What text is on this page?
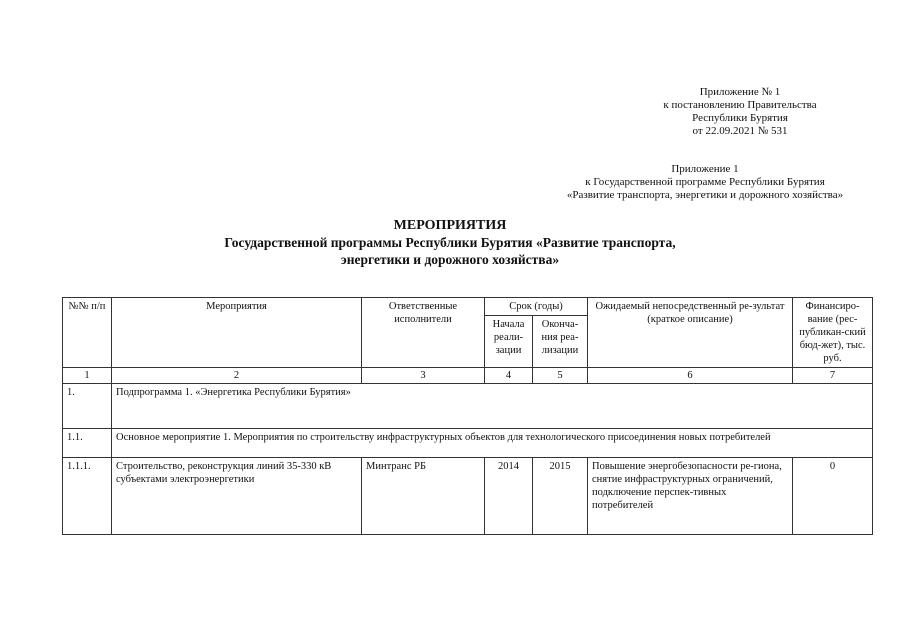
Приложение № 1
к постановлению Правительства
Республики Бурятия
от 22.09.2021 № 531
Приложение 1
к Государственной программе Республики Бурятия
«Развитие транспорта, энергетики и дорожного хозяйства»
МЕРОПРИЯТИЯ
Государственной программы Республики Бурятия «Развитие транспорта,
энергетики и дорожного хозяйства»
№№ п/п	Мероприятия	Ответственные исполнители	Срок (годы)		Ожидаемый непосредственный ре-зультат (краткое описание)	Финансиро-вание (рес-публикан-ский бюд-жет), тыс. руб.
			Начала реали-зации	Оконча-ния реа-лизации		
1	2	3	4	5	6	7
1.	Подпрограмма 1. «Энергетика Республики Бурятия»					
1.1.	Основное мероприятие 1. Мероприятия по строительству инфраструктурных объектов для технологического присоединения новых потребителей					
1.1.1.	Строительство, реконструкция линий 35-330 кВ субъектами электроэнергетики	Минтранс РБ	2014	2015	Повышение энергобезопасности ре-гиона, снятие инфраструктурных ограничений, подключение перспек-тивных потребителей	0
